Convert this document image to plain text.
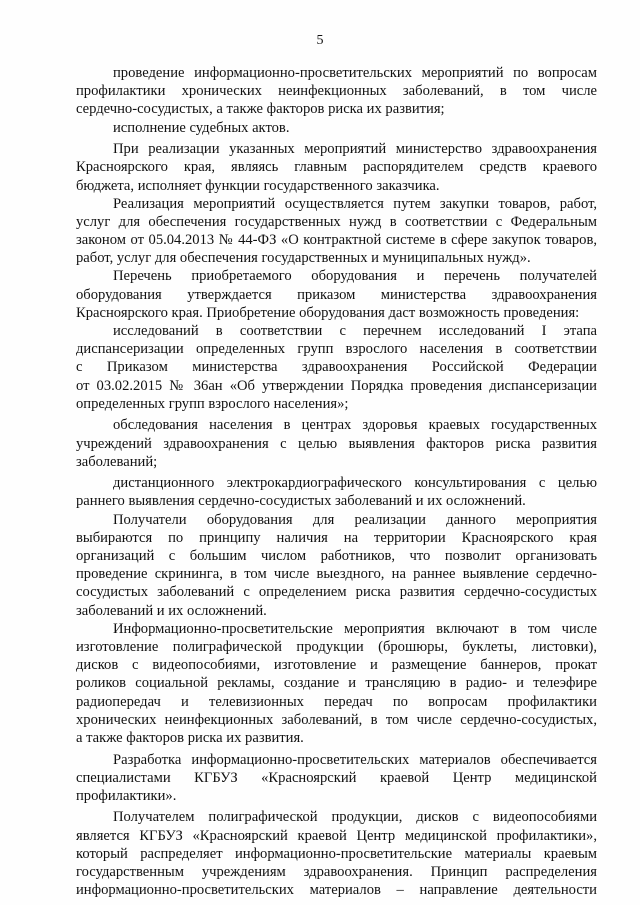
5
проведение информационно-просветительских мероприятий по вопросам
профилактики хронических неинфекционных заболеваний, в том числе
сердечно-сосудистых, а также факторов риска их развития;
исполнение судебных актов.
При реализации указанных мероприятий министерство здравоохранения
Красноярского края, являясь главным распорядителем средств краевого
бюджета, исполняет функции государственного заказчика.
Реализация мероприятий осуществляется путем закупки товаров, работ,
услуг для обеспечения государственных нужд в соответствии с Федеральным
законом от 05.04.2013 № 44-ФЗ «О контрактной системе в сфере закупок товаров,
работ, услуг для обеспечения государственных и муниципальных нужд».
Перечень приобретаемого оборудования и перечень получателей
оборудования утверждается приказом министерства здравоохранения
Красноярского края. Приобретение оборудования даст возможность проведения:
исследований в соответствии с перечнем исследований I этапа
диспансеризации определенных групп взрослого населения в соответствии
с Приказом министерства здравоохранения Российской Федерации
от 03.02.2015 № 36ан «Об утверждении Порядка проведения диспансеризации
определенных групп взрослого населения»;
обследования населения в центрах здоровья краевых государственных
учреждений здравоохранения с целью выявления факторов риска развития
заболеваний;
дистанционного электрокардиографического консультирования с целью
раннего выявления сердечно-сосудистых заболеваний и их осложнений.
Получатели оборудования для реализации данного мероприятия
выбираются по принципу наличия на территории Красноярского края
организаций с большим числом работников, что позволит организовать
проведение скрининга, в том числе выездного, на раннее выявление сердечно-
сосудистых заболеваний с определением риска развития сердечно-сосудистых
заболеваний и их осложнений.
Информационно-просветительские мероприятия включают в том числе
изготовление полиграфической продукции (брошюры, буклеты, листовки),
дисков с видеопособиями, изготовление и размещение баннеров, прокат
роликов социальной рекламы, создание и трансляцию в радио- и телеэфире
радиопередач и телевизионных передач по вопросам профилактики
хронических неинфекционных заболеваний, в том числе сердечно-сосудистых,
а также факторов риска их развития.
Разработка информационно-просветительских материалов обеспечивается
специалистами КГБУЗ «Красноярский краевой Центр медицинской
профилактики».
Получателем полиграфической продукции, дисков с видеопособиями
является КГБУЗ «Красноярский краевой Центр медицинской профилактики»,
который распределяет информационно-просветительские материалы краевым
государственным учреждениям здравоохранения. Принцип распределения
информационно-просветительских материалов – направление деятельности
